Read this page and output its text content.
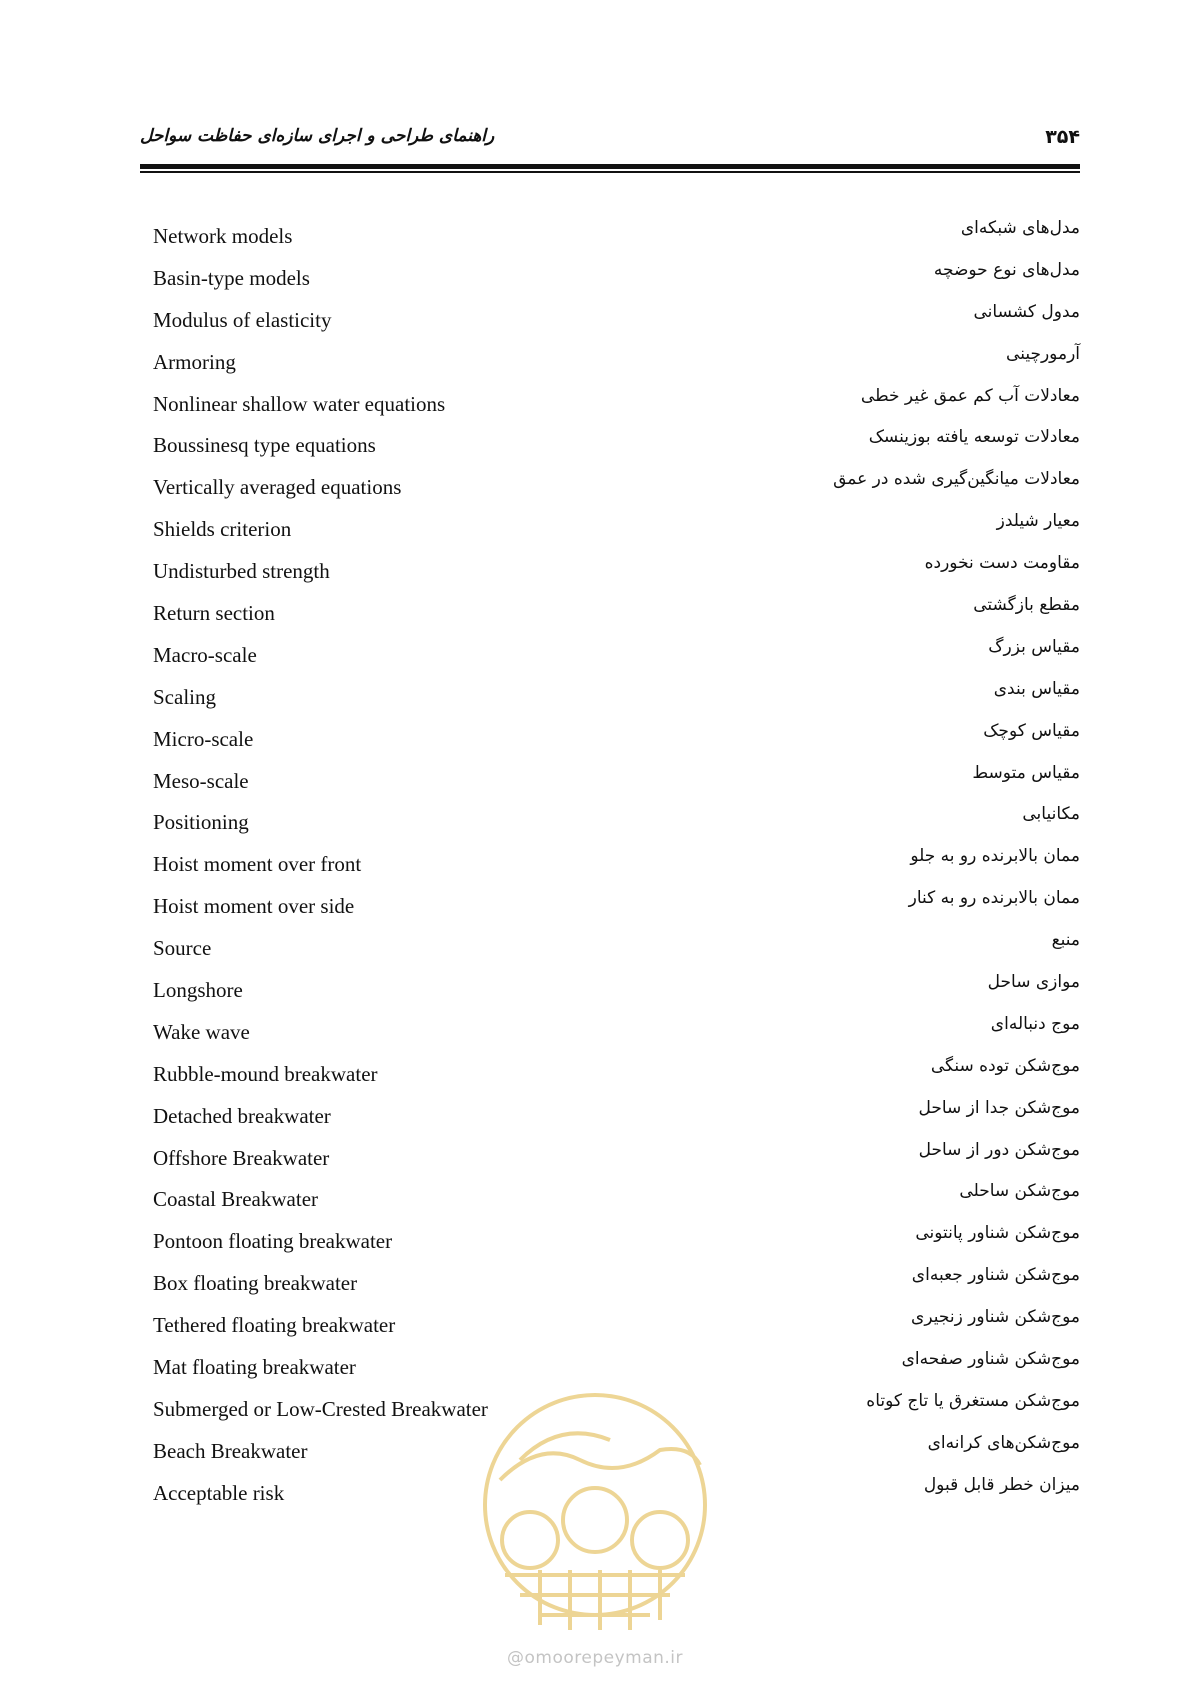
راهنمای طراحی و اجرای سازه‌ای حفاظت سواحل	۳۵۴
Network models	مدل‌های شبکه‌ای
Basin-type models	مدل‌های نوع حوضچه
Modulus of elasticity	مدول کشسانی
Armoring	آرمورچینی
Nonlinear shallow water equations	معادلات آب کم عمق غیر خطی
Boussinesq type equations	معادلات توسعه یافته بوزینسک
Vertically averaged equations	معادلات میانگین‌گیری شده در عمق
Shields criterion	معیار شیلدز
Undisturbed strength	مقاومت دست نخورده
Return section	مقطع بازگشتی
Macro-scale	مقیاس بزرگ
Scaling	مقیاس بندی
Micro-scale	مقیاس کوچک
Meso-scale	مقیاس متوسط
Positioning	مکانیابی
Hoist moment over front	ممان بالابرنده رو به جلو
Hoist moment over side	ممان بالابرنده رو به کنار
Source	منبع
Longshore	موازی ساحل
Wake wave	موج دنباله‌ای
Rubble-mound breakwater	موج‌شکن توده سنگی
Detached breakwater	موج‌شکن جدا از ساحل
Offshore Breakwater	موج‌شکن دور از ساحل
Coastal Breakwater	موج‌شکن ساحلی
Pontoon floating breakwater	موج‌شکن شناور پانتونی
Box floating breakwater	موج‌شکن شناور جعبه‌ای
Tethered floating breakwater	موج‌شکن شناور زنجیری
Mat floating breakwater	موج‌شکن شناور صفحه‌ای
Submerged or Low-Crested Breakwater	موج‌شکن مستغرق یا تاج کوتاه
Beach Breakwater	موج‌شکن‌های کرانه‌ای
Acceptable risk	میزان خطر قابل قبول
@omoorepeyman.ir
